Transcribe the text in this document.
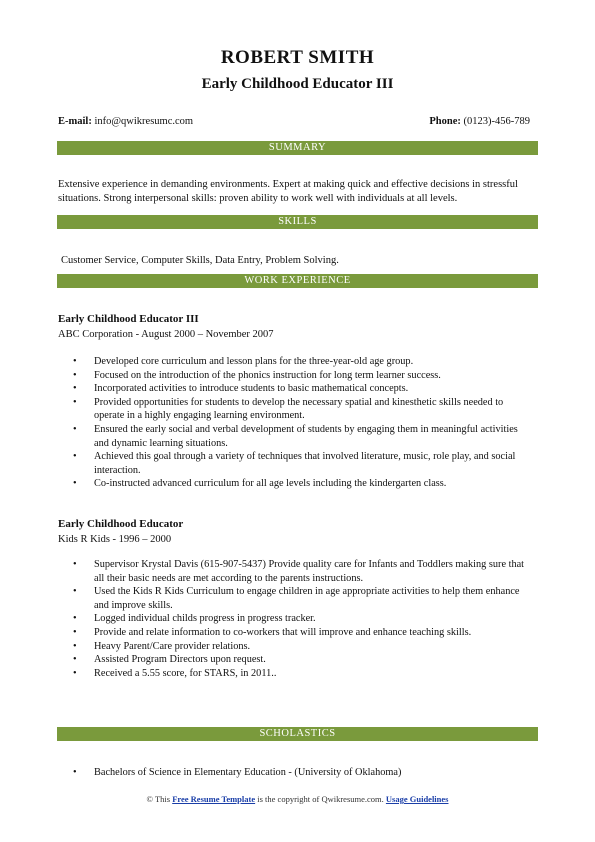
ROBERT SMITH
Early Childhood Educator III
E-mail: info@qwikresumc.com	Phone: (0123)-456-789
SUMMARY
Extensive experience in demanding environments. Expert at making quick and effective decisions in stressful situations. Strong interpersonal skills: proven ability to work well with individuals at all levels.
SKILLS
Customer Service, Computer Skills, Data Entry, Problem Solving.
WORK EXPERIENCE
Early Childhood Educator III
ABC Corporation - August 2000 – November 2007
• Developed core curriculum and lesson plans for the three-year-old age group.
• Focused on the introduction of the phonics instruction for long term learner success.
• Incorporated activities to introduce students to basic mathematical concepts.
• Provided opportunities for students to develop the necessary spatial and kinesthetic skills needed to operate in a highly engaging learning environment.
• Ensured the early social and verbal development of students by engaging them in meaningful activities and dynamic learning situations.
• Achieved this goal through a variety of techniques that involved literature, music, role play, and social interaction.
• Co-instructed advanced curriculum for all age levels including the kindergarten class.
Early Childhood Educator
Kids R Kids - 1996 – 2000
• Supervisor Krystal Davis (615-907-5437) Provide quality care for Infants and Toddlers making sure that all their basic needs are met according to the parents instructions.
• Used the Kids R Kids Curriculum to engage children in age appropriate activities to help them enhance and improve skills.
• Logged individual childs progress in progress tracker.
• Provide and relate information to co-workers that will improve and enhance teaching skills.
• Heavy Parent/Care provider relations.
• Assisted Program Directors upon request.
• Received a 5.55 score, for STARS, in 2011..
SCHOLASTICS
• Bachelors of Science in Elementary Education - (University of Oklahoma)
© This Free Resume Template is the copyright of Qwikresume.com. Usage Guidelines
